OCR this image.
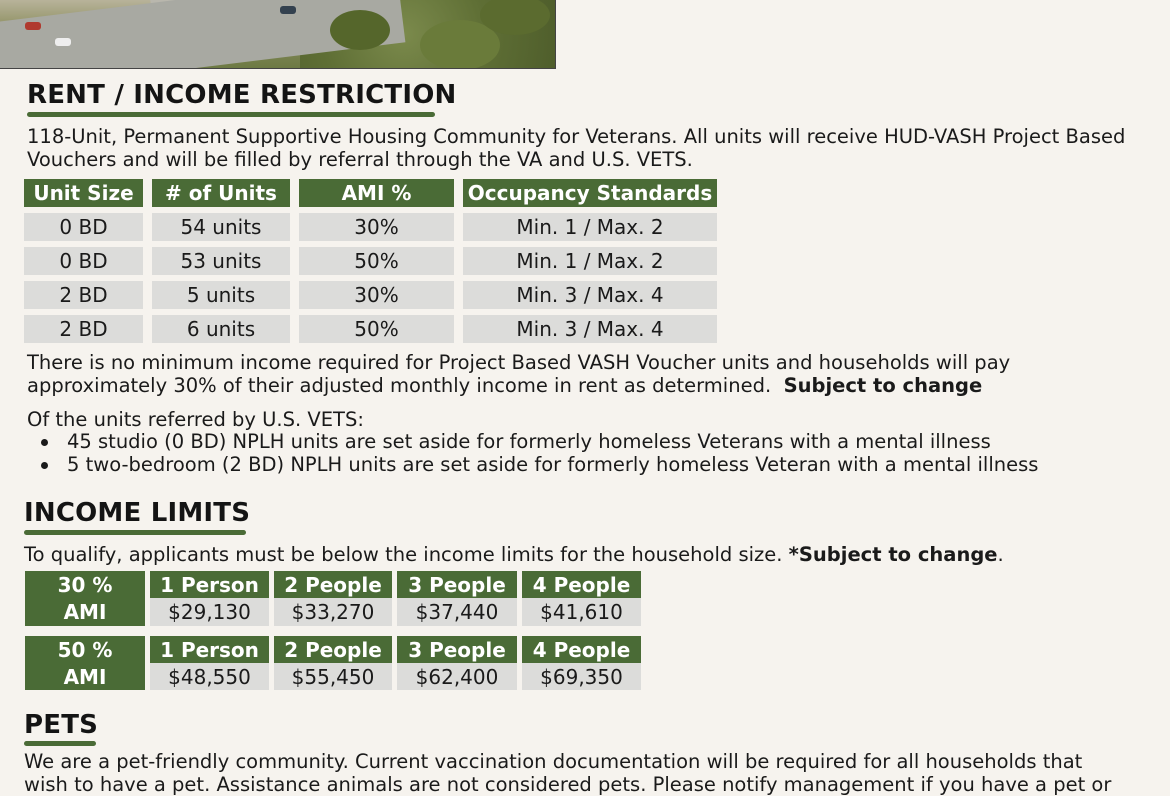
RENT / INCOME RESTRICTION
118-Unit, Permanent Supportive Housing Community for Veterans. All units will receive HUD-VASH Project Based
Vouchers and will be filled by referral through the VA and U.S. VETS.
Unit Size	# of Units	AMI %	Occupancy Standards
0 BD	54 units	30%	Min. 1 / Max. 2
0 BD	53 units	50%	Min. 1 / Max. 2
2 BD	5 units	30%	Min. 3 / Max. 4
2 BD	6 units	50%	Min. 3 / Max. 4
There is no minimum income required for Project Based VASH Voucher units and households will pay
approximately 30% of their adjusted monthly income in rent as determined. Subject to change
Of the units referred by U.S. VETS:
45 studio (0 BD) NPLH units are set aside for formerly homeless Veterans with a mental illness
5 two-bedroom (2 BD) NPLH units are set aside for formerly homeless Veteran with a mental illness
INCOME LIMITS
To qualify, applicants must be below the income limits for the household size. *Subject to change.
30 %
AMI
1 Person	2 People	3 People	4 People
$29,130	$33,270	$37,440	$41,610
50 %
AMI
1 Person	2 People	3 People	4 People
$48,550	$55,450	$62,400	$69,350
PETS
We are a pet-friendly community. Current vaccination documentation will be required for all households that
wish to have a pet. Assistance animals are not considered pets. Please notify management if you have a pet or
